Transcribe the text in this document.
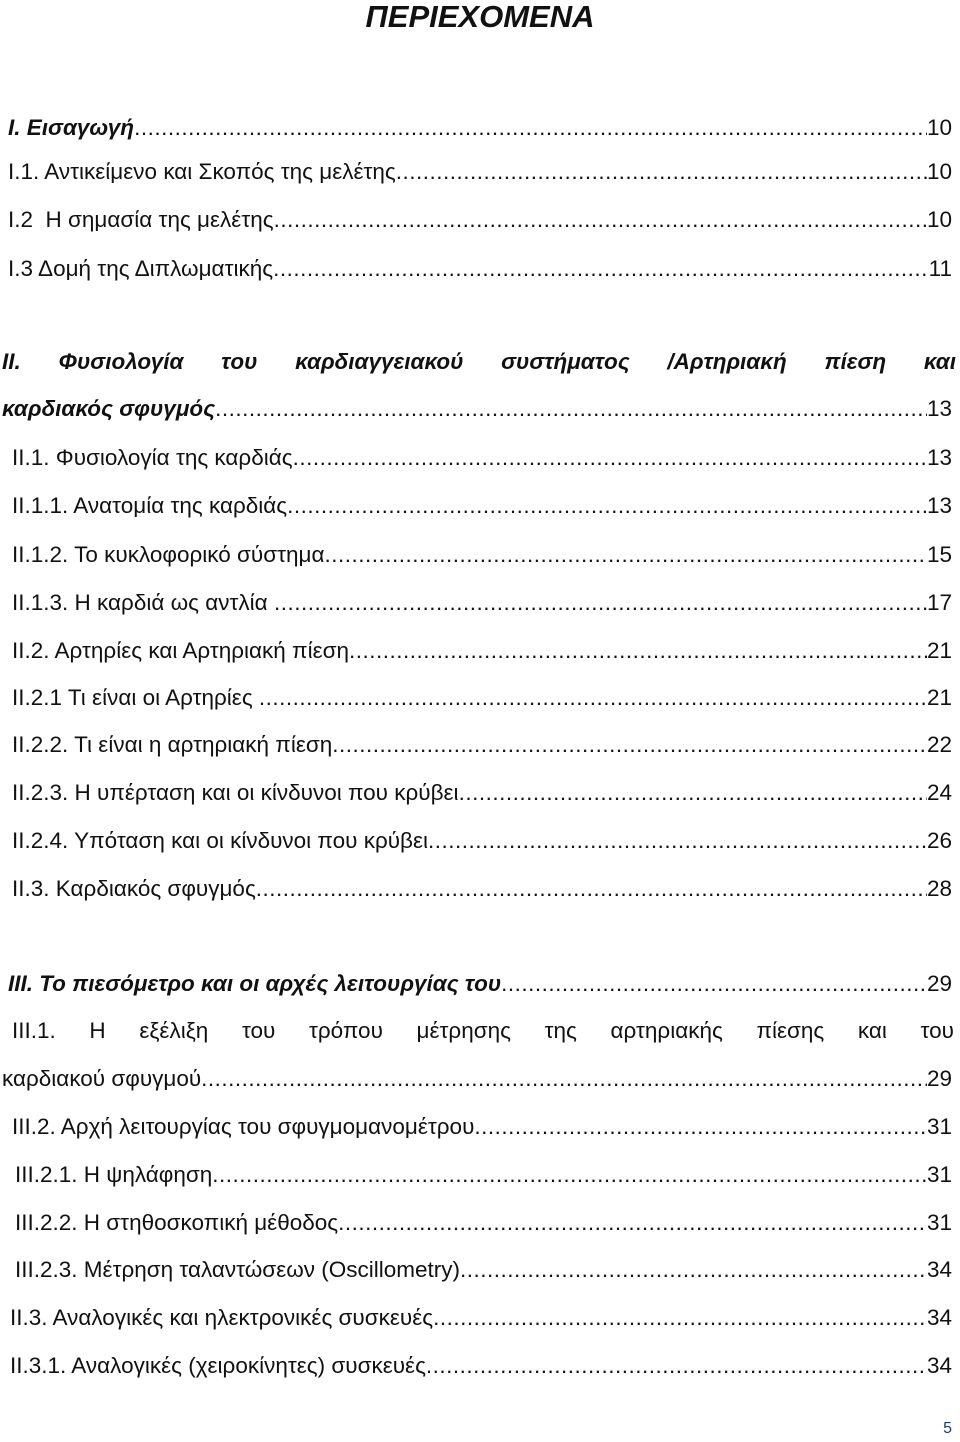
ΠΕΡΙΕΧΟΜΕΝΑ
I. Εισαγωγή .....	10
I.1. Αντικείμενο και Σκοπός της μελέτης .....	10
I.2 Η σημασία της μελέτης .....	10
I.3 Δομή της Διπλωματικής .....	11
II. Φυσιολογία του καρδιαγγειακού συστήματος /Αρτηριακή πίεση και
καρδιακός σφυγμός .....	13
II.1. Φυσιολογία της καρδιάς .....	13
II.1.1. Ανατομία της καρδιάς .....	13
II.1.2. Το κυκλοφορικό σύστημα .....	15
II.1.3. Η καρδιά ως αντλία .....	17
II.2. Αρτηρίες και Αρτηριακή πίεση .....	21
II.2.1 Τι είναι οι Αρτηρίες .....	21
II.2.2. Τι είναι η αρτηριακή πίεση .....	22
II.2.3. Η υπέρταση και οι κίνδυνοι που κρύβει .....	24
II.2.4. Υπόταση και οι κίνδυνοι που κρύβει .....	26
II.3. Καρδιακός σφυγμός .....	28
III. Το πιεσόμετρο και οι αρχές λειτουργίας του .....	29
III.1. Η εξέλιξη του τρόπου μέτρησης της αρτηριακής πίεσης και του
καρδιακού σφυγμού .....	29
III.2. Αρχή λειτουργίας του σφυγμομανομέτρου .....	31
III.2.1. Η ψηλάφηση .....	31
III.2.2. Η στηθοσκοπική μέθοδος .....	31
III.2.3. Μέτρηση ταλαντώσεων (Oscillometry) .....	34
II.3. Αναλογικές και ηλεκτρονικές συσκευές .....	34
II.3.1. Αναλογικές (χειροκίνητες) συσκευές .....	34
5
